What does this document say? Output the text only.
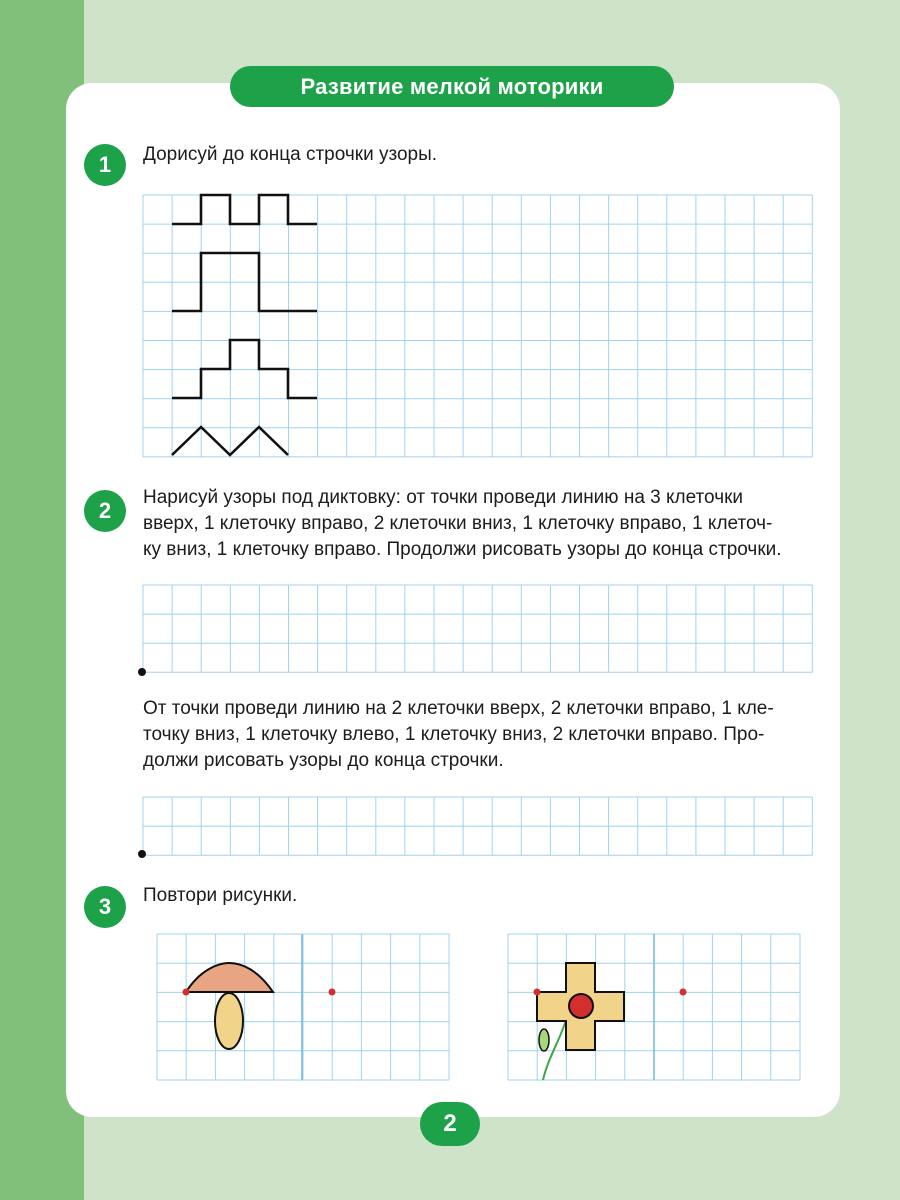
Развитие мелкой моторики
1	Дорисуй до конца строчки узоры.
2
Нарисуй узоры под диктовку: от точки проведи линию на 3 клеточки
вверх, 1 клеточку вправо, 2 клеточки вниз, 1 клеточку вправо, 1 клеточ-
ку вниз, 1 клеточку вправо. Продолжи рисовать узоры до конца строчки.
От точки проведи линию на 2 клеточки вверх, 2 клеточки вправо, 1 кле-
точку вниз, 1 клеточку влево, 1 клеточку вниз, 2 клеточки вправо. Про-
должи рисовать узоры до конца строчки.
3	Повтори рисунки.
2
